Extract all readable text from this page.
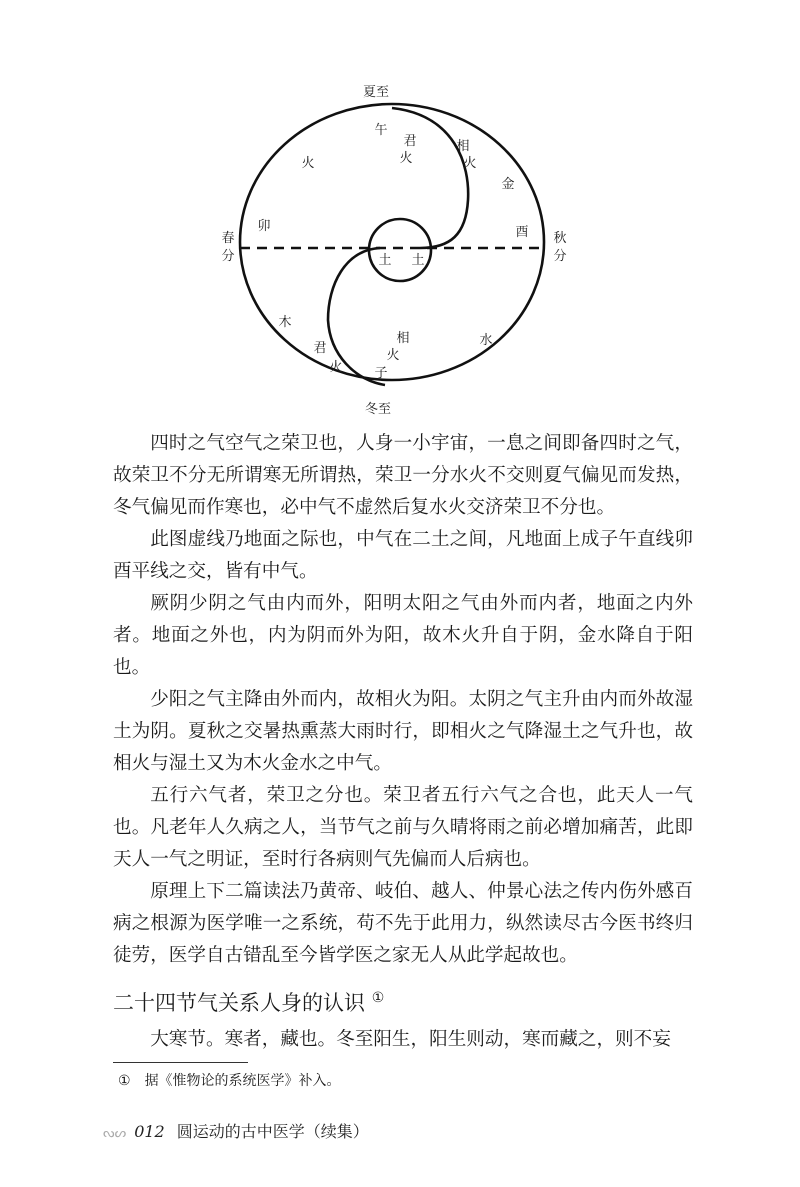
夏至
冬至
春
分
秋
分
午
君
火
相
火
金
火
卯	酉
土 土
木
水
相
火
子
君
火

四时之气空气之荣卫也，人身一小宇宙，一息之间即备四时之气，故荣卫不分无所谓寒无所谓热，荣卫一分水火不交则夏气偏见而发热，冬气偏见而作寒也，必中气不虚然后复水火交济荣卫不分也。

此图虚线乃地面之际也，中气在二土之间，凡地面上成子午直线卯酉平线之交，皆有中气。

厥阴少阴之气由内而外，阳明太阳之气由外而内者，地面之内外者。地面之外也，内为阴而外为阳，故木火升自于阴，金水降自于阳也。

少阳之气主降由外而内，故相火为阳。太阴之气主升由内而外故湿土为阴。夏秋之交暑热熏蒸大雨时行，即相火之气降湿土之气升也，故相火与湿土又为木火金水之中气。

五行六气者，荣卫之分也。荣卫者五行六气之合也，此天人一气也。凡老年人久病之人，当节气之前与久晴将雨之前必增加痛苦，此即天人一气之明证，至时行各病则气先偏而人后病也。

原理上下二篇读法乃黄帝、岐伯、越人、仲景心法之传内伤外感百病之根源为医学唯一之系统，苟不先于此用力，纵然读尽古今医书终归徒劳，医学自古错乱至今皆学医之家无人从此学起故也。

二十四节气关系人身的认识 ①

大寒节。寒者，藏也。冬至阳生，阳生则动，寒而藏之，则不妄

① 据《惟物论的系统医学》补入。
ᔓᔕ 012 圆运动的古中医学（续集）
